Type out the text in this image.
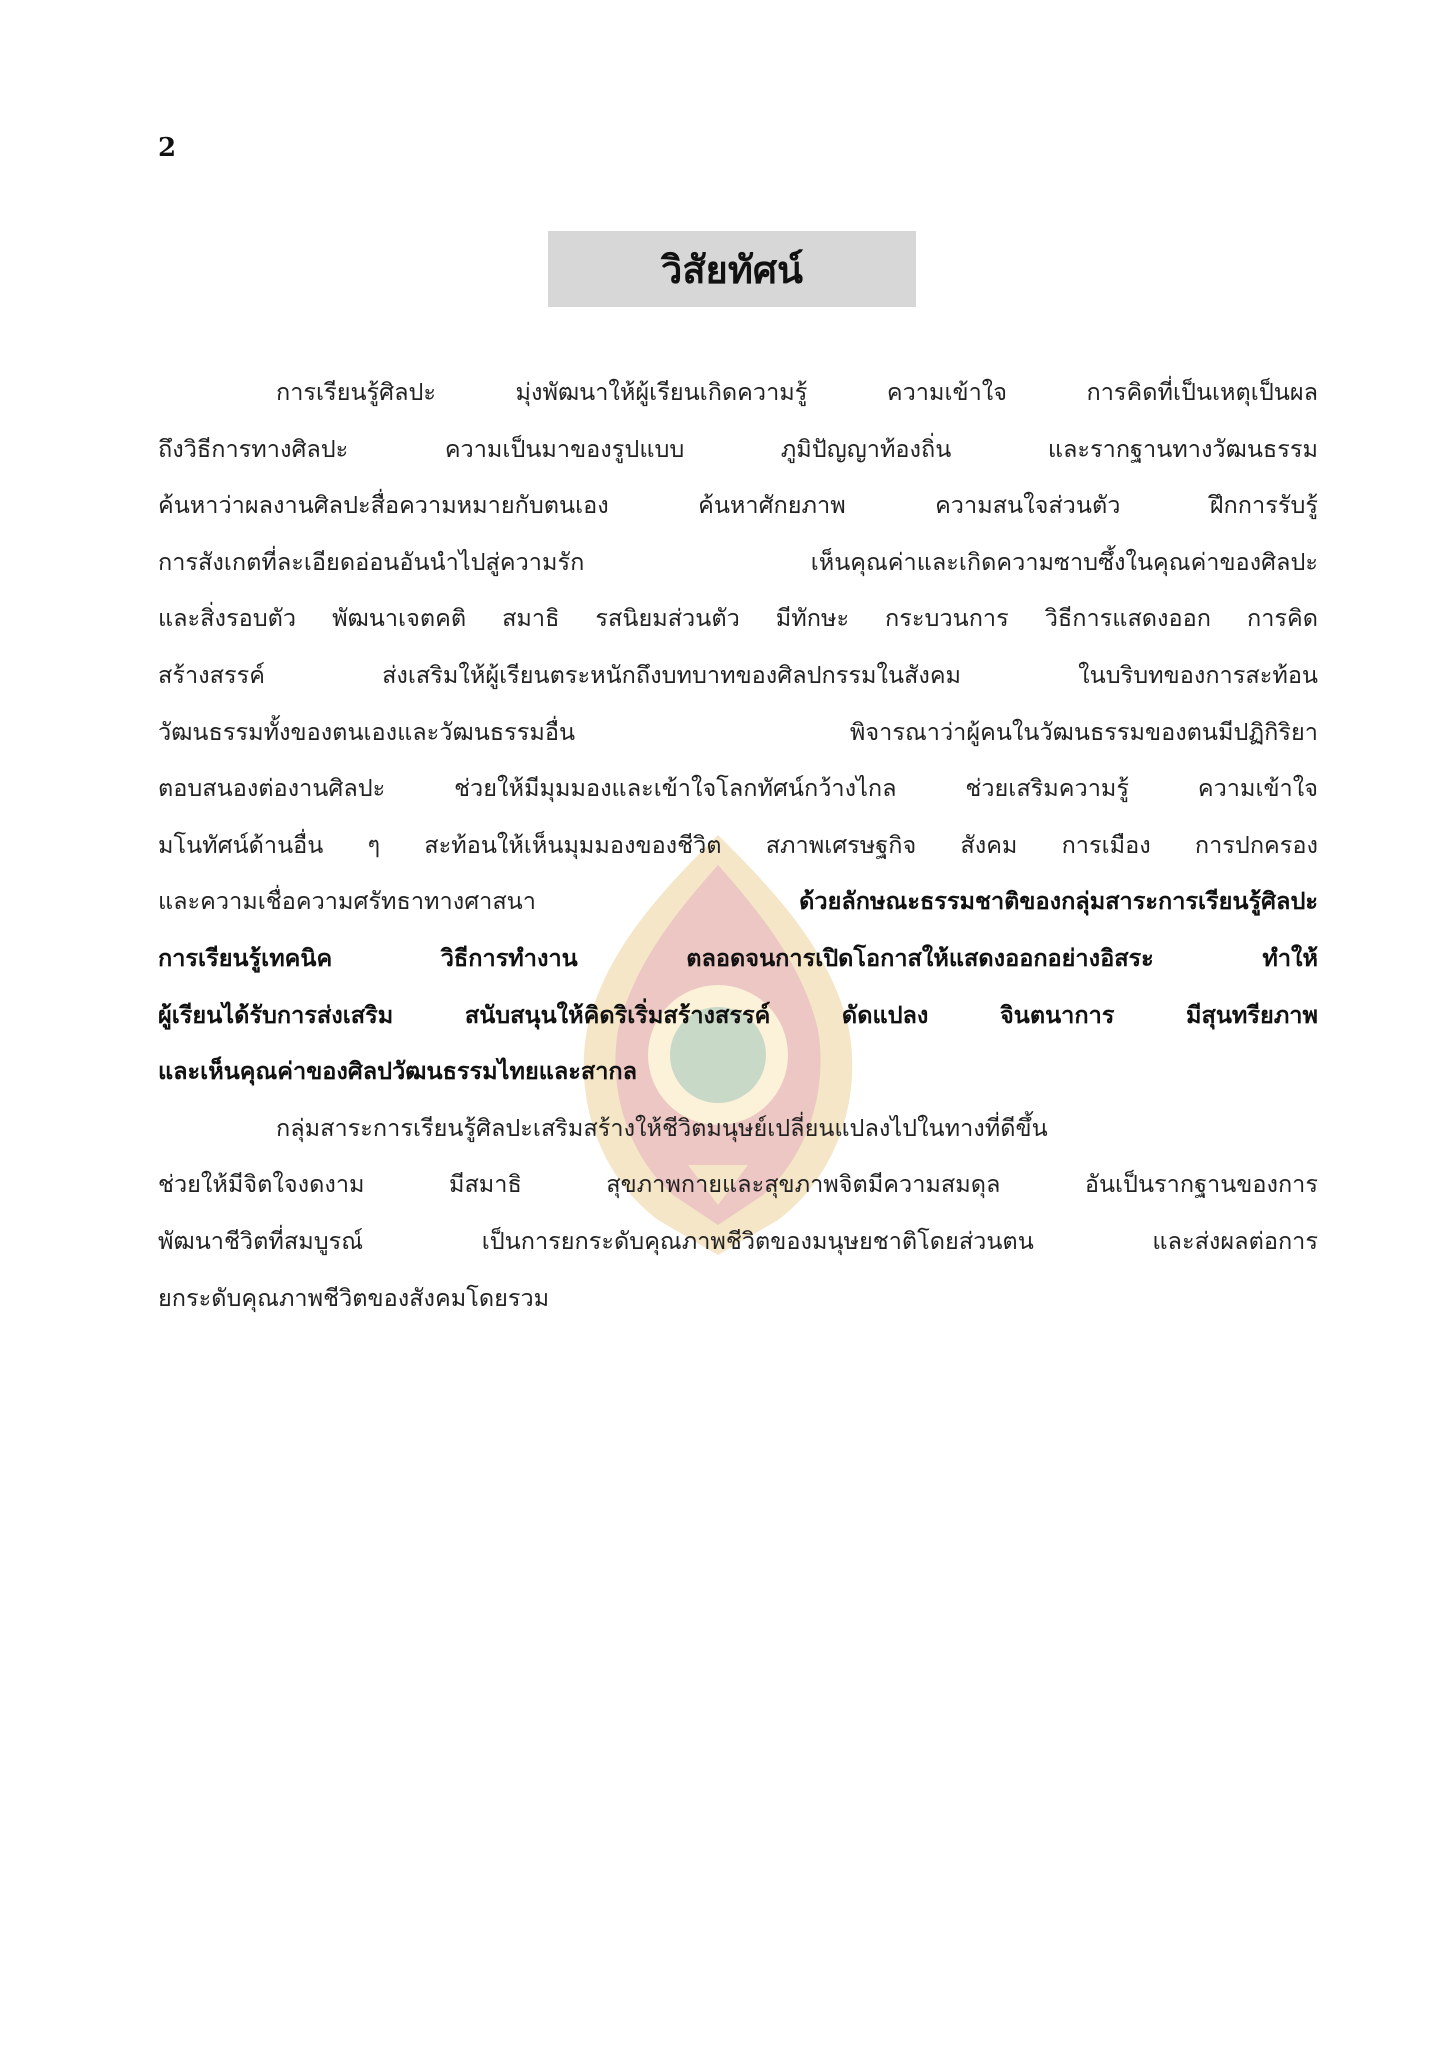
2
วิสัยทัศน์
การเรียนรู้ศิลปะ มุ่งพัฒนาให้ผู้เรียนเกิดความรู้ ความเข้าใจ การคิดที่เป็นเหตุเป็นผล
ถึงวิธีการทางศิลปะ ความเป็นมาของรูปแบบ ภูมิปัญญาท้องถิ่น และรากฐานทางวัฒนธรรม
ค้นหาว่าผลงานศิลปะสื่อความหมายกับตนเอง ค้นหาศักยภาพ ความสนใจส่วนตัว ฝึกการรับรู้
การสังเกตที่ละเอียดอ่อนอันนำไปสู่ความรัก เห็นคุณค่าและเกิดความซาบซึ้งในคุณค่าของศิลปะ
และสิ่งรอบตัว พัฒนาเจตคติ สมาธิ รสนิยมส่วนตัว มีทักษะ กระบวนการ วิธีการแสดงออก การคิด
สร้างสรรค์ ส่งเสริมให้ผู้เรียนตระหนักถึงบทบาทของศิลปกรรมในสังคม ในบริบทของการสะท้อน
วัฒนธรรมทั้งของตนเองและวัฒนธรรมอื่น พิจารณาว่าผู้คนในวัฒนธรรมของตนมีปฏิกิริยา
ตอบสนองต่องานศิลปะ ช่วยให้มีมุมมองและเข้าใจโลกทัศน์กว้างไกล ช่วยเสริมความรู้ ความเข้าใจ
มโนทัศน์ด้านอื่น ๆ สะท้อนให้เห็นมุมมองของชีวิต สภาพเศรษฐกิจ สังคม การเมือง การปกครอง
และความเชื่อความศรัทธาทางศาสนา	ด้วยลักษณะธรรมชาติของกลุ่มสาระการเรียนรู้ศิลปะ
การเรียนรู้เทคนิค วิธีการทำงาน ตลอดจนการเปิดโอกาสให้แสดงออกอย่างอิสระ ทำให้
ผู้เรียนได้รับการส่งเสริม สนับสนุนให้คิดริเริ่มสร้างสรรค์ ดัดแปลง จินตนาการ มีสุนทรียภาพ
และเห็นคุณค่าของศิลปวัฒนธรรมไทยและสากล
กลุ่มสาระการเรียนรู้ศิลปะเสริมสร้างให้ชีวิตมนุษย์เปลี่ยนแปลงไปในทางที่ดีขึ้น
ช่วยให้มีจิตใจงดงาม มีสมาธิ สุขภาพกายและสุขภาพจิตมีความสมดุล อันเป็นรากฐานของการ
พัฒนาชีวิตที่สมบูรณ์ เป็นการยกระดับคุณภาพชีวิตของมนุษยชาติโดยส่วนตน และส่งผลต่อการ
ยกระดับคุณภาพชีวิตของสังคมโดยรวม
